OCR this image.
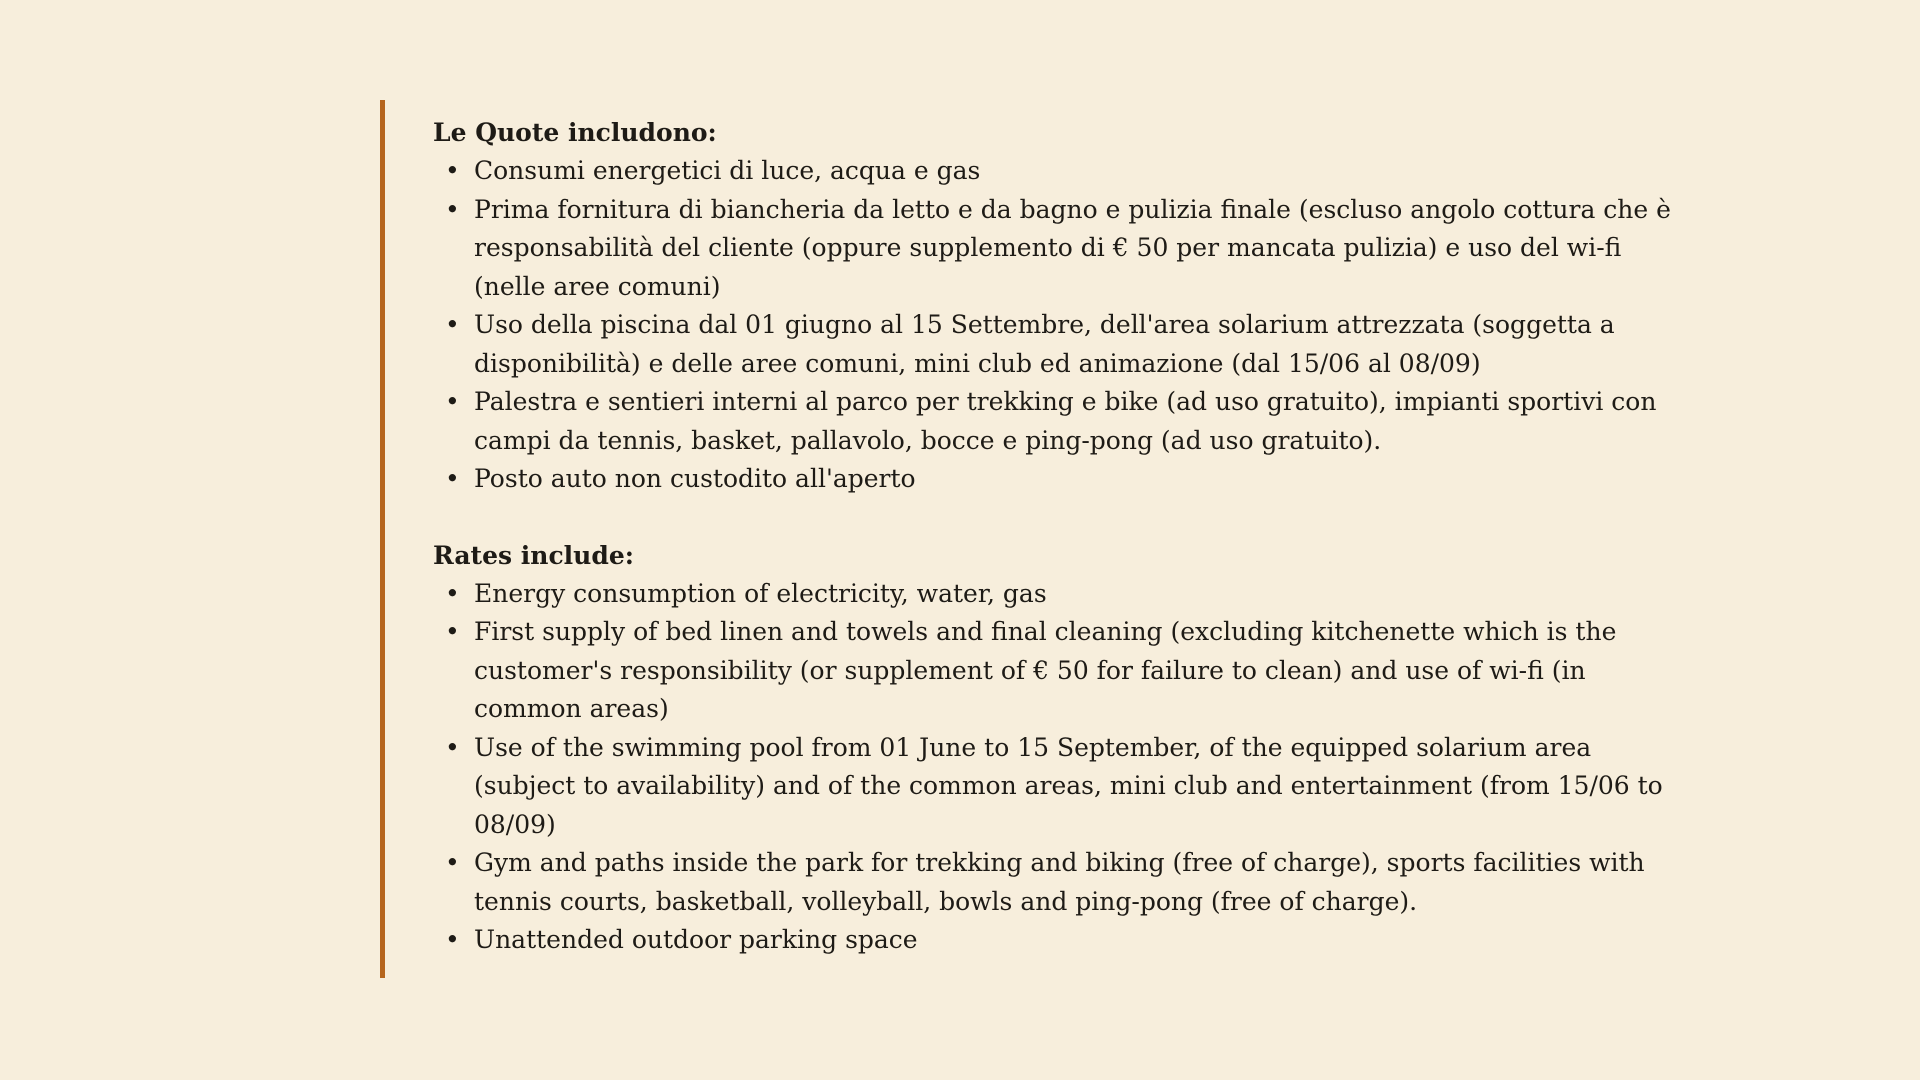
Le Quote includono:

• Consumi energetici di luce, acqua e gas
• Prima fornitura di biancheria da letto e da bagno e pulizia finale (escluso angolo cottura che è responsabilità del cliente (oppure supplemento di € 50 per mancata pulizia) e uso del wi-fi (nelle aree comuni)
• Uso della piscina dal 01 giugno al 15 Settembre, dell'area solarium attrezzata (soggetta a disponibilità) e delle aree comuni, mini club ed animazione (dal 15/06 al 08/09)
• Palestra e sentieri interni al parco per trekking e bike (ad uso gratuito), impianti sportivi con campi da tennis, basket, pallavolo, bocce e ping-pong (ad uso gratuito).
• Posto auto non custodito all'aperto

Rates include:

• Energy consumption of electricity, water, gas
• First supply of bed linen and towels and final cleaning (excluding kitchenette which is the customer's responsibility (or supplement of € 50 for failure to clean) and use of wi-fi (in common areas)
• Use of the swimming pool from 01 June to 15 September, of the equipped solarium area (subject to availability) and of the common areas, mini club and entertainment (from 15/06 to 08/09)
• Gym and paths inside the park for trekking and biking (free of charge), sports facilities with tennis courts, basketball, volleyball, bowls and ping-pong (free of charge).
• Unattended outdoor parking space
